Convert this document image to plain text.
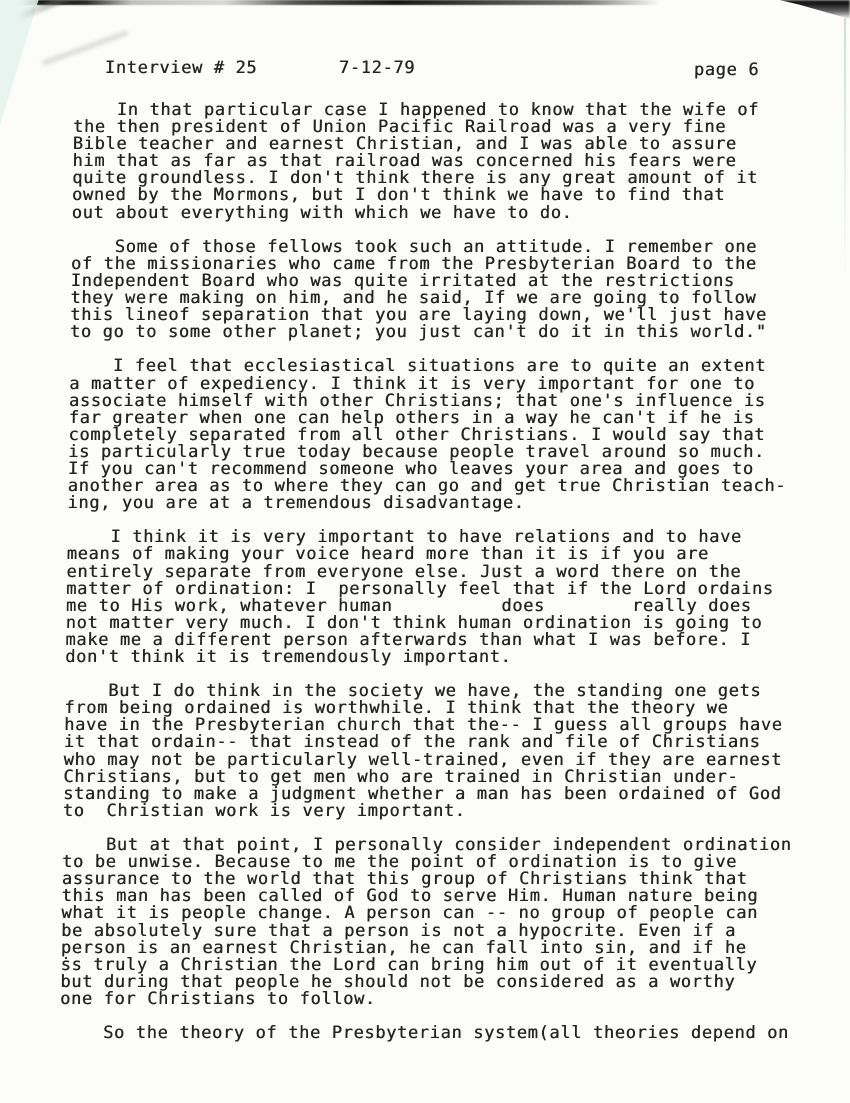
Interview # 25	7-12-79	page 6
In that particular case I happened to know that the wife of
the then president of Union Pacific Railroad was a very fine
Bible teacher and earnest Christian, and I was able to assure
him that as far as that railroad was concerned his fears were
quite groundless. I don't think there is any great amount of it
owned by the Mormons, but I don't think we have to find that
out about everything with which we have to do.
Some of those fellows took such an attitude. I remember one
of the missionaries who came from the Presbyterian Board to the
Independent Board who was quite irritated at the restrictions
they were making on him, and he said, If we are going to follow
this lineof separation that you are laying down, we'll just have
to go to some other planet; you just can't do it in this world."
I feel that ecclesiastical situations are to quite an extent
a matter of expediency. I think it is very important for one to
associate himself with other Christians; that one's influence is
far greater when one can help others in a way he can't if he is
completely separated from all other Christians. I would say that
is particularly true today because people travel around so much.
If you can't recommend someone who leaves your area and goes to
another area as to where they can go and get true Christian teach-
ing, you are at a tremendous disadvantage.
I think it is very important to have relations and to have
means of making your voice heard more than it is if you are
entirely separate from everyone else. Just a word there on the
matter of ordination: I  personally feel that if the Lord ordains
me to His work, whatever human          does        really does
not matter very much. I don't think human ordination is going to
make me a different person afterwards than what I was before. I
don't think it is tremendously important.
But I do think in the society we have, the standing one gets
from being ordained is worthwhile. I think that the theory we
have in the Presbyterian church that the-- I guess all groups have
it that ordain-- that instead of the rank and file of Christians
who may not be particularly well-trained, even if they are earnest
Christians, but to get men who are trained in Christian under-
standing to make a judgment whether a man has been ordained of God
to  Christian work is very important.
But at that point, I personally consider independent ordination
to be unwise. Because to me the point of ordination is to give
assurance to the world that this group of Christians think that
this man has been called of God to serve Him. Human nature being
what it is people change. A person can -- no group of people can
be absolutely sure that a person is not a hypocrite. Even if a
person is an earnest Christian, he can fall into sin, and if he
ṡs truly a Christian the Lord can bring him out of it eventually
but during that people he should not be considered as a worthy
one for Christians to follow.
So the theory of the Presbyterian system(all theories depend on
